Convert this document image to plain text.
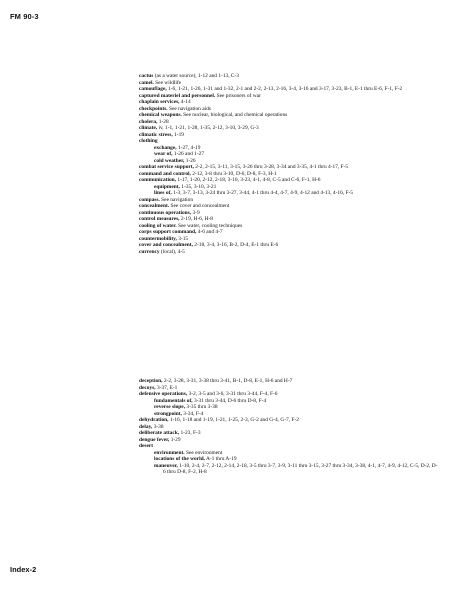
FM 90-3

cactus (as a water source), 1-12 and 1-13, C-3

camel. See wildlife

camouflage, 1-6, 1-21, 1-26, 1-31 and 1-32, 2-1 and 2-2, 2-13, 2-16, 3-4, 3-16 and 3-17, 3-23, B-1, E-1 thru E-6, F-1, F-2

captured materiel and personnel. See prisoners of war

chaplain services, 4-14

checkpoints. See navigation aids

chemical weapons. See nuclear, biological, and chemical operations

cholera, 1-28

climate, iv, 1-1, 1-21, 1-28, 1-35, 2-12, 3-10, 3-29, G-3

climatic stress, 1-19

clothing

exchange, 1-27, 4-19

wear of, 1-26 and 1-27

cold weather, 1-26

combat service support, 2-2, 2-15, 3-11, 3-15, 3-26 thru 3-28, 3-34 and 3-35, 4-1 thru 4-17, F-5

command and control, 2-12, 3-8 thru 3-10, D-6, D-8, F-3, H-1

communication, 1-17, 1-20, 2-12, 2-18, 3-10, 3-23, 4-1, 4-8, C-5 and C-6, F-1, H-6

equipment, 1-35, 3-10, 3-21

lines of, 1-3, 3-7, 3-13, 3-24 thru 3-27, 3-44, 4-1 thru 4-4, 4-7, 4-9, 4-12 and 4-13, 4-16, F-5

compass. See navigation

concealment. See cover and concealment

continuous operations, 3-9

control measures, 2-19, H-6, H-8

cooling of water. See water, cooling techniques

corps support command, 4-6 and 4-7

countermobility, 3-15

cover and concealment, 2-18, 3-4, 3-16, B-2, D-4, E-1 thru E-6

currency (local), 4-5

deception, 2-2, 3-28, 3-31, 3-38 thru 3-41, B-1, D-8, E-1, H-6 and H-7

decoys, 3-37, E-1

defensive operations, 3-2, 3-5 and 3-6, 3-31 thru 3-44, F-4, F-6

fundamentals of, 3-31 thru 3-44, D-6 thru D-8, F-4

reverse slope, 3-35 thru 3-38

strongpoint, 3-34, F-4

dehydration, 1-16, 1-18 and 1-19, 1-21, 1-25, 2-3, G-2 and G-4, G-7, F-2

delay, 3-38

deliberate attack, 1-23, F-3

dengue fever, 1-29

desert

environment. See environment

locations of the world, A-1 thru A-19

maneuver, 1-10, 2-4, 2-7, 2-12, 2-14, 2-18, 3-5 thru 3-7, 3-9, 3-11 thru 3-15, 3-27 thru 3-34, 3-38, 4-1, 4-7, 4-9, 4-12, C-5, D-2, D-6 thru D-8, F-2, H-8

Index-2
